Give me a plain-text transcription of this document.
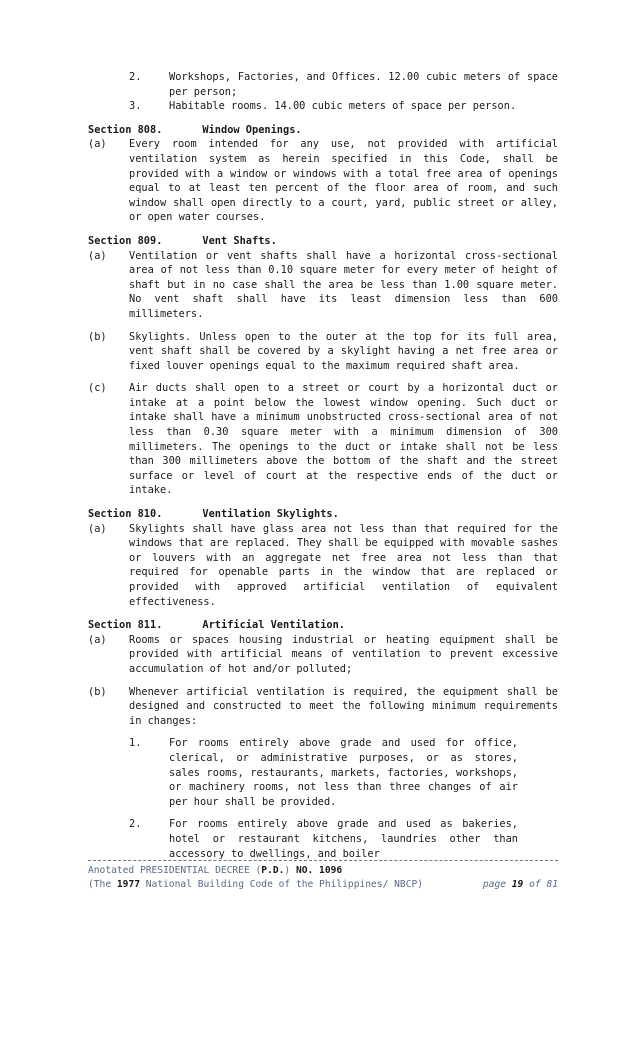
2.	Workshops, Factories, and Offices. 12.00 cubic meters of space per person;
3.	Habitable rooms. 14.00 cubic meters of space per person.
Section 808.	Window Openings.
(a)	Every room intended for any use, not provided with artificial ventilation system as herein specified in this Code, shall be provided with a window or windows with a total free area of openings equal to at least ten percent of the floor area of room, and such window shall open directly to a court, yard, public street or alley, or open water courses.
Section 809.	Vent Shafts.
(a)	Ventilation or vent shafts shall have a horizontal cross-sectional area of not less than 0.10 square meter for every meter of height of shaft but in no case shall the area be less than 1.00 square meter. No vent shaft shall have its least dimension less than 600 millimeters.
(b)	Skylights. Unless open to the outer at the top for its full area, vent shaft shall be covered by a skylight having a net free area or fixed louver openings equal to the maximum required shaft area.
(c)	Air ducts shall open to a street or court by a horizontal duct or intake at a point below the lowest window opening. Such duct or intake shall have a minimum unobstructed cross-sectional area of not less than 0.30 square meter with a minimum dimension of 300 millimeters. The openings to the duct or intake shall not be less than 300 millimeters above the bottom of the shaft and the street surface or level of court at the respective ends of the duct or intake.
Section 810.	Ventilation Skylights.
(a)	Skylights shall have glass area not less than that required for the windows that are replaced. They shall be equipped with movable sashes or louvers with an aggregate net free area not less than that required for openable parts in the window that are replaced or provided with approved artificial ventilation of equivalent effectiveness.
Section 811.	Artificial Ventilation.
(a)	Rooms or spaces housing industrial or heating equipment shall be provided with artificial means of ventilation to prevent excessive accumulation of hot and/or polluted;
(b)	Whenever artificial ventilation is required, the equipment shall be designed and constructed to meet the following minimum requirements in changes:
1.	For rooms entirely above grade and used for office, clerical, or administrative purposes, or as stores, sales rooms, restaurants, markets, factories, workshops, or machinery rooms, not less than three changes of air per hour shall be provided.
2.	For rooms entirely above grade and used as bakeries, hotel or restaurant kitchens, laundries other than accessory to dwellings, and boiler
Anotated PRESIDENTIAL DECREE (P.D.) NO. 1096
(The 1977 National Building Code of the Philippines/ NBCP)	page 19 of 81
